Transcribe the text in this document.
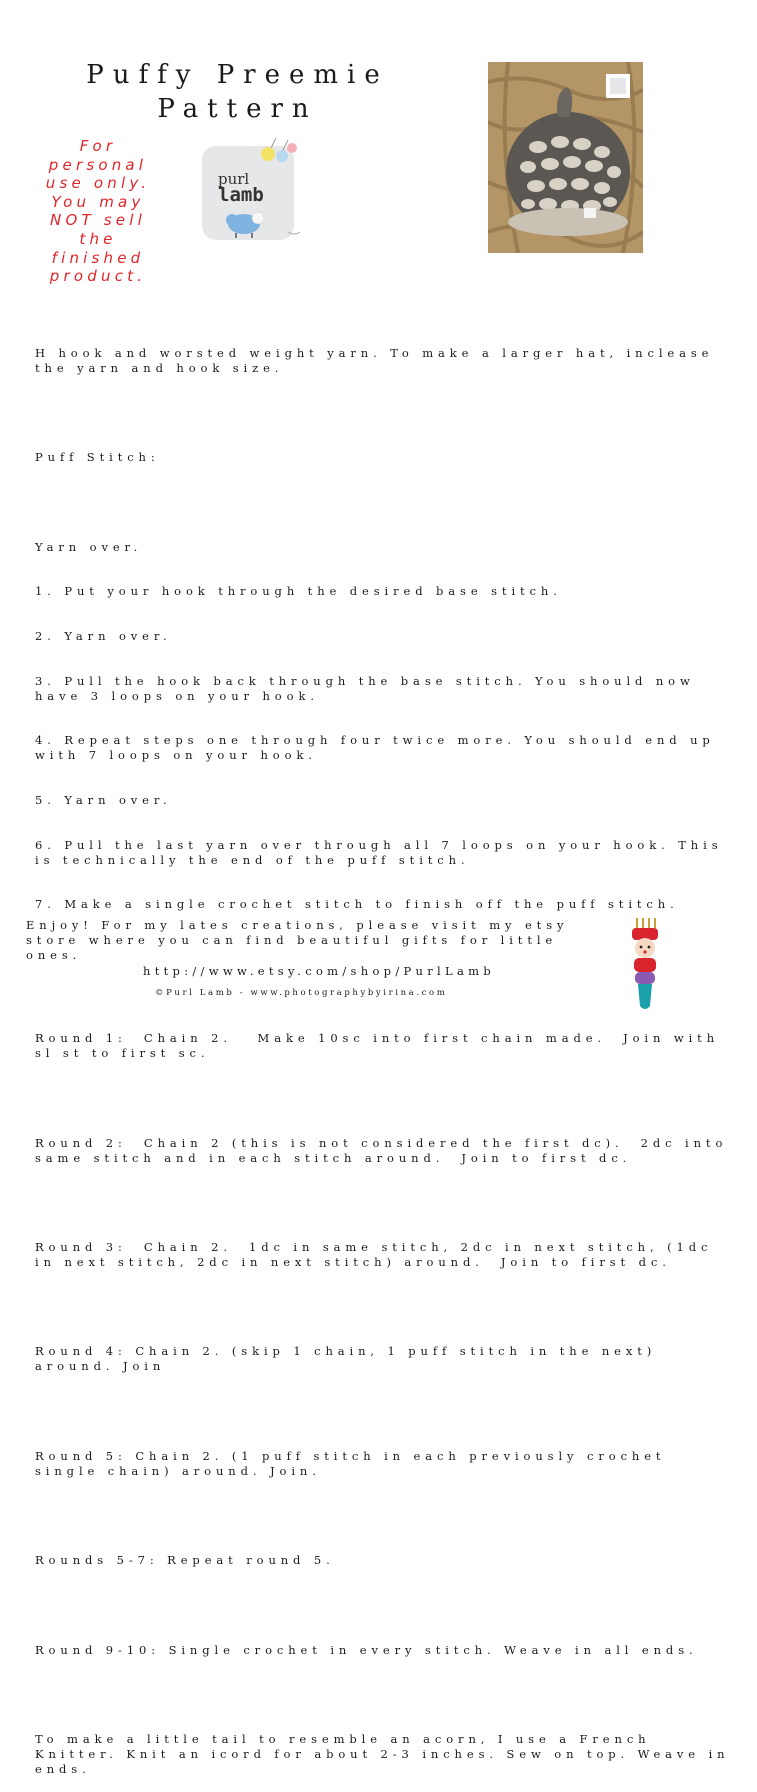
Puffy Preemie
Pattern
For
personal
use only.
You may
NOT sell
the
finished
product.
purl
lamb

H hook and worsted weight yarn. To make a larger hat, inclease the yarn and hook size.

Puff Stitch:

Yarn over.

1. Put your hook through the desired base stitch.

2. Yarn over.

3. Pull the hook back through the base stitch. You should now have 3 loops on your hook.

4. Repeat steps one through four twice more. You should end up with 7 loops on your hook.

5. Yarn over.

6. Pull the last yarn over through all 7 loops on your hook. This is technically the end of the puff stitch.

7. Make a single crochet stitch to finish off the puff stitch.

Round 1:  Chain 2.   Make 10sc into first chain made.  Join with sl st to first sc.

Round 2:  Chain 2 (this is not considered the first dc).  2dc into same stitch and in each stitch around.  Join to first dc.

Round 3:  Chain 2.  1dc in same stitch, 2dc in next stitch, (1dc in next stitch, 2dc in next stitch) around.  Join to first dc.

Round 4: Chain 2. (skip 1 chain, 1 puff stitch in the next) around. Join

Round 5: Chain 2. (1 puff stitch in each previously crochet single chain) around. Join.

Rounds 5-7: Repeat round 5.

Round 9-10: Single crochet in every stitch. Weave in all ends.

To make a little tail to resemble an acorn, I use a French Knitter. Knit an icord for about 2-3 inches. Sew on top. Weave in ends.

Enjoy! For my lates creations, please visit my etsy store where you can find beautiful gifts for little ones.
http://www.etsy.com/shop/PurlLamb
©Purl Lamb - www.photographybyirina.com
